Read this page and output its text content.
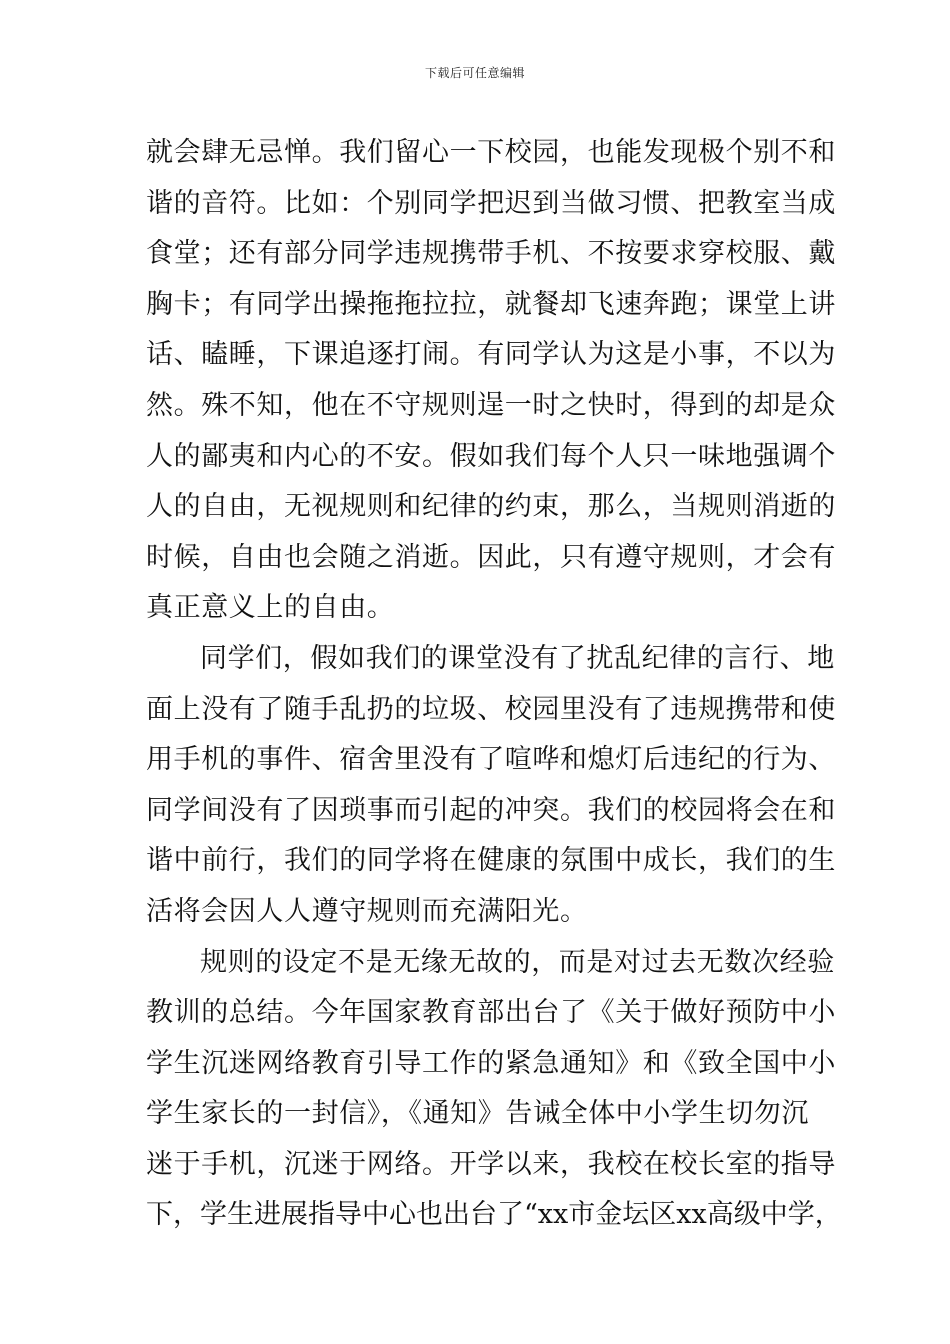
下载后可任意编辑
就会肆无忌惮。我们留心一下校园，也能发现极个别不和
谐的音符。比如：个别同学把迟到当做习惯、把教室当成
食堂；还有部分同学违规携带手机、不按要求穿校服、戴
胸卡；有同学出操拖拖拉拉，就餐却飞速奔跑；课堂上讲
话、瞌睡，下课追逐打闹。有同学认为这是小事，不以为
然。殊不知，他在不守规则逞一时之快时，得到的却是众
人的鄙夷和内心的不安。假如我们每个人只一味地强调个
人的自由，无视规则和纪律的约束，那么，当规则消逝的
时候，自由也会随之消逝。因此，只有遵守规则，才会有
真正意义上的自由。
同学们，假如我们的课堂没有了扰乱纪律的言行、地
面上没有了随手乱扔的垃圾、校园里没有了违规携带和使
用手机的事件、宿舍里没有了喧哗和熄灯后违纪的行为、
同学间没有了因琐事而引起的冲突。我们的校园将会在和
谐中前行，我们的同学将在健康的氛围中成长，我们的生
活将会因人人遵守规则而充满阳光。
规则的设定不是无缘无故的，而是对过去无数次经验
教训的总结。今年国家教育部出台了《关于做好预防中小
学生沉迷网络教育引导工作的紧急通知》和《致全国中小
学生家长的一封信》，《通知》告诫全体中小学生切勿沉
迷于手机，沉迷于网络。开学以来，我校在校长室的指导
下，学生进展指导中心也出台了“xx市金坛区xx高级中学，
